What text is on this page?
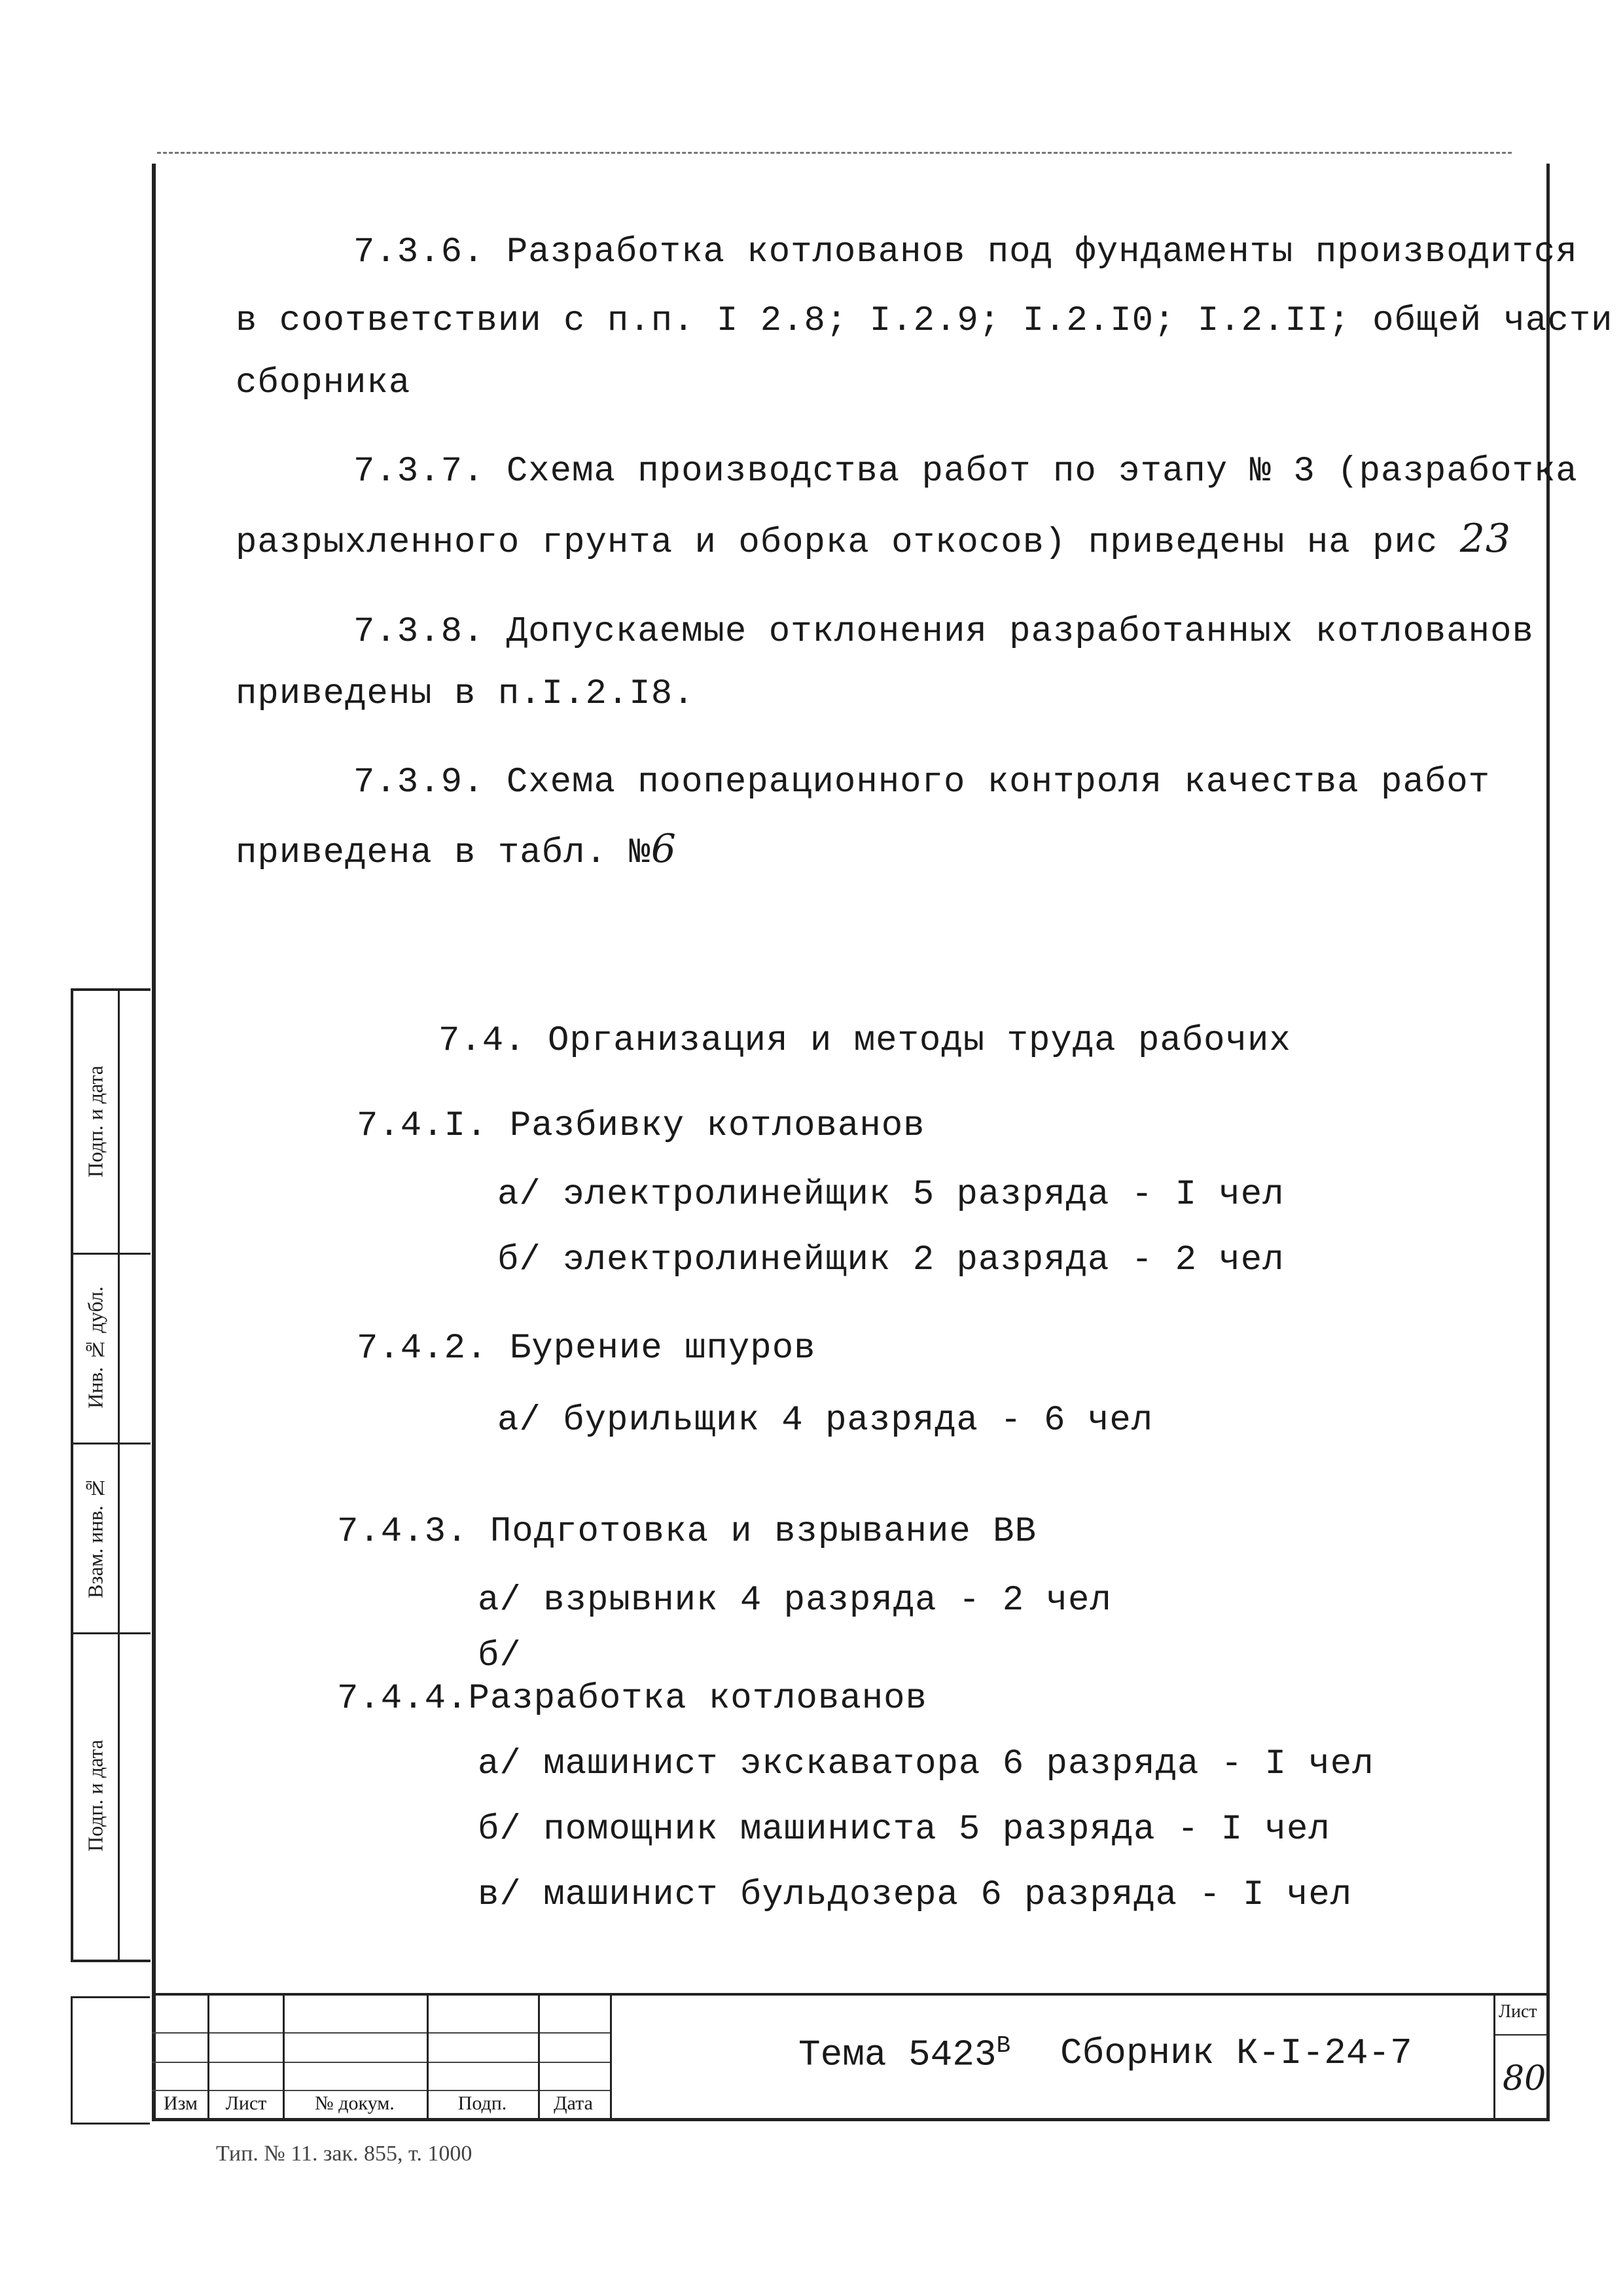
7.3.6. Разработка котлованов под фундаменты производится
в соответствии с п.п. I 2.8; I.2.9; I.2.I0; I.2.II; общей части
сборника
7.3.7. Схема производства работ по этапу № 3 (разработка
разрыхленного грунта и оборка откосов) приведены на рис 23
7.3.8. Допускаемые отклонения разработанных котлованов
приведены в п.I.2.I8.
7.3.9. Схема пооперационного контроля качества работ
приведена в табл. №6
7.4. Организация и методы труда рабочих
7.4.I. Разбивку котлованов
а/ электролинейщик 5 разряда - I чел
б/ электролинейщик 2 разряда - 2 чел
7.4.2. Бурение шпуров
а/ бурильщик 4 разряда - 6 чел
7.4.3. Подготовка и взрывание ВВ
а/ взрывник 4 разряда - 2 чел
б/
7.4.4.Разработка котлованов
а/ машинист экскаватора 6 разряда - I чел
б/ помощник машиниста 5 разряда - I чел
в/ машинист бульдозера 6 разряда - I чел
Подп. и дата
Инв. № дубл.
Взам. инв. №
Подп. и дата
Изм	Лист	№ докум.	Подп.	Дата
Тема $5423^В$ Сборник К-I-24-7
Лист
80
Тип. № 11. зак. 855, т. 1000
